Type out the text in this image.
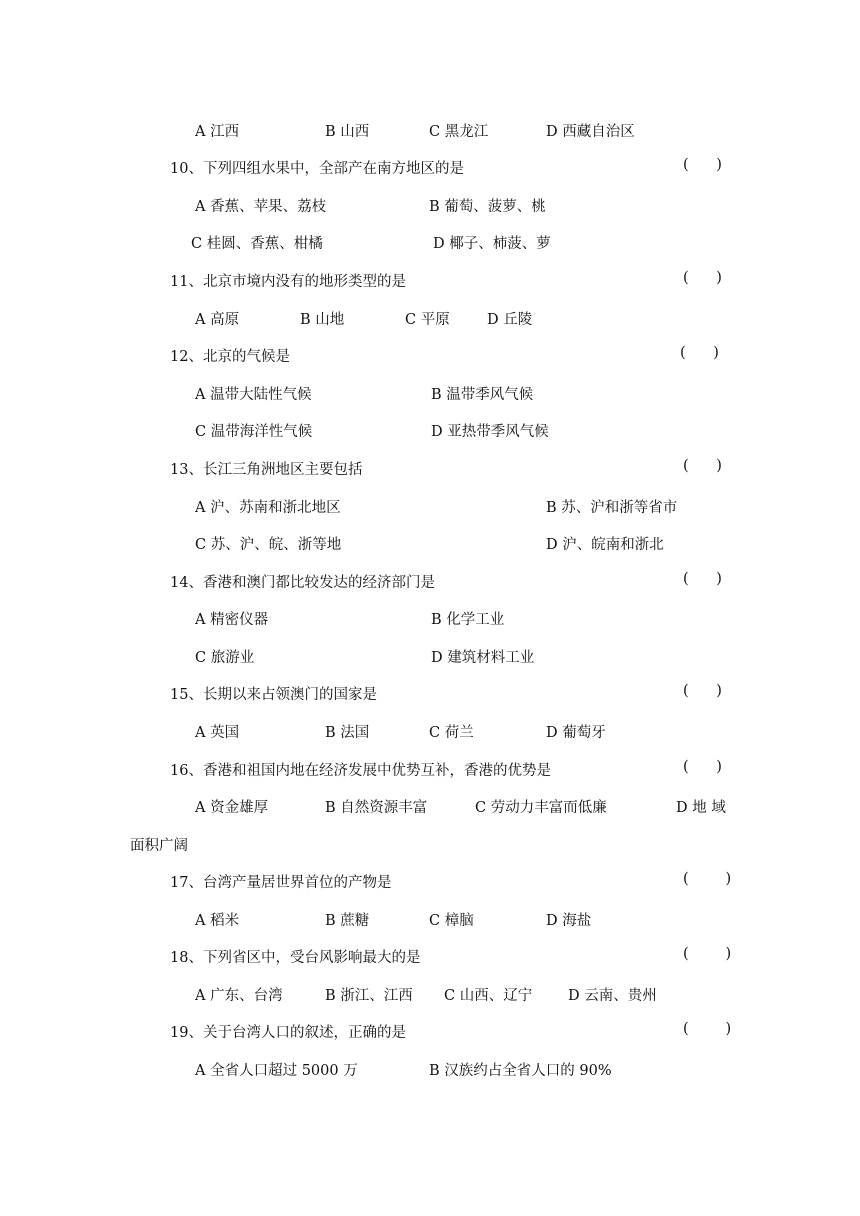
A 江西	B 山西	C 黑龙江	D 西藏自治区
10、下列四组水果中，全部产在南方地区的是	(      )
A 香蕉、苹果、荔枝	B 葡萄、菠萝、桃
C 桂圆、香蕉、柑橘	D 椰子、柿菠、萝
11、北京市境内没有的地形类型的是	(      )
A 高原	B 山地	C 平原	D 丘陵
12、北京的气候是	(      )
A 温带大陆性气候	B 温带季风气候
C 温带海洋性气候	D 亚热带季风气候
13、长江三角洲地区主要包括	(      )
A 沪、苏南和浙北地区	B 苏、沪和浙等省市
C 苏、沪、皖、浙等地	D 沪、皖南和浙北
14、香港和澳门都比较发达的经济部门是	(      )
A 精密仪器	B 化学工业
C 旅游业	D 建筑材料工业
15、长期以来占领澳门的国家是	(      )
A 英国	B 法国	C 荷兰	D 葡萄牙
16、香港和祖国内地在经济发展中优势互补，香港的优势是	(      )
A 资金雄厚	B 自然资源丰富	C 劳动力丰富而低廉	D 地 域
面积广阔
17、台湾产量居世界首位的产物是	(        )
A 稻米	B 蔗糖	C 樟脑	D 海盐
18、下列省区中，受台风影响最大的是	(        )
A 广东、台湾	B 浙江、江西 C 山西、辽宁 D 云南、贵州
19、关于台湾人口的叙述，正确的是	(        )
A 全省人口超过 5000 万	B 汉族约占全省人口的 90%
